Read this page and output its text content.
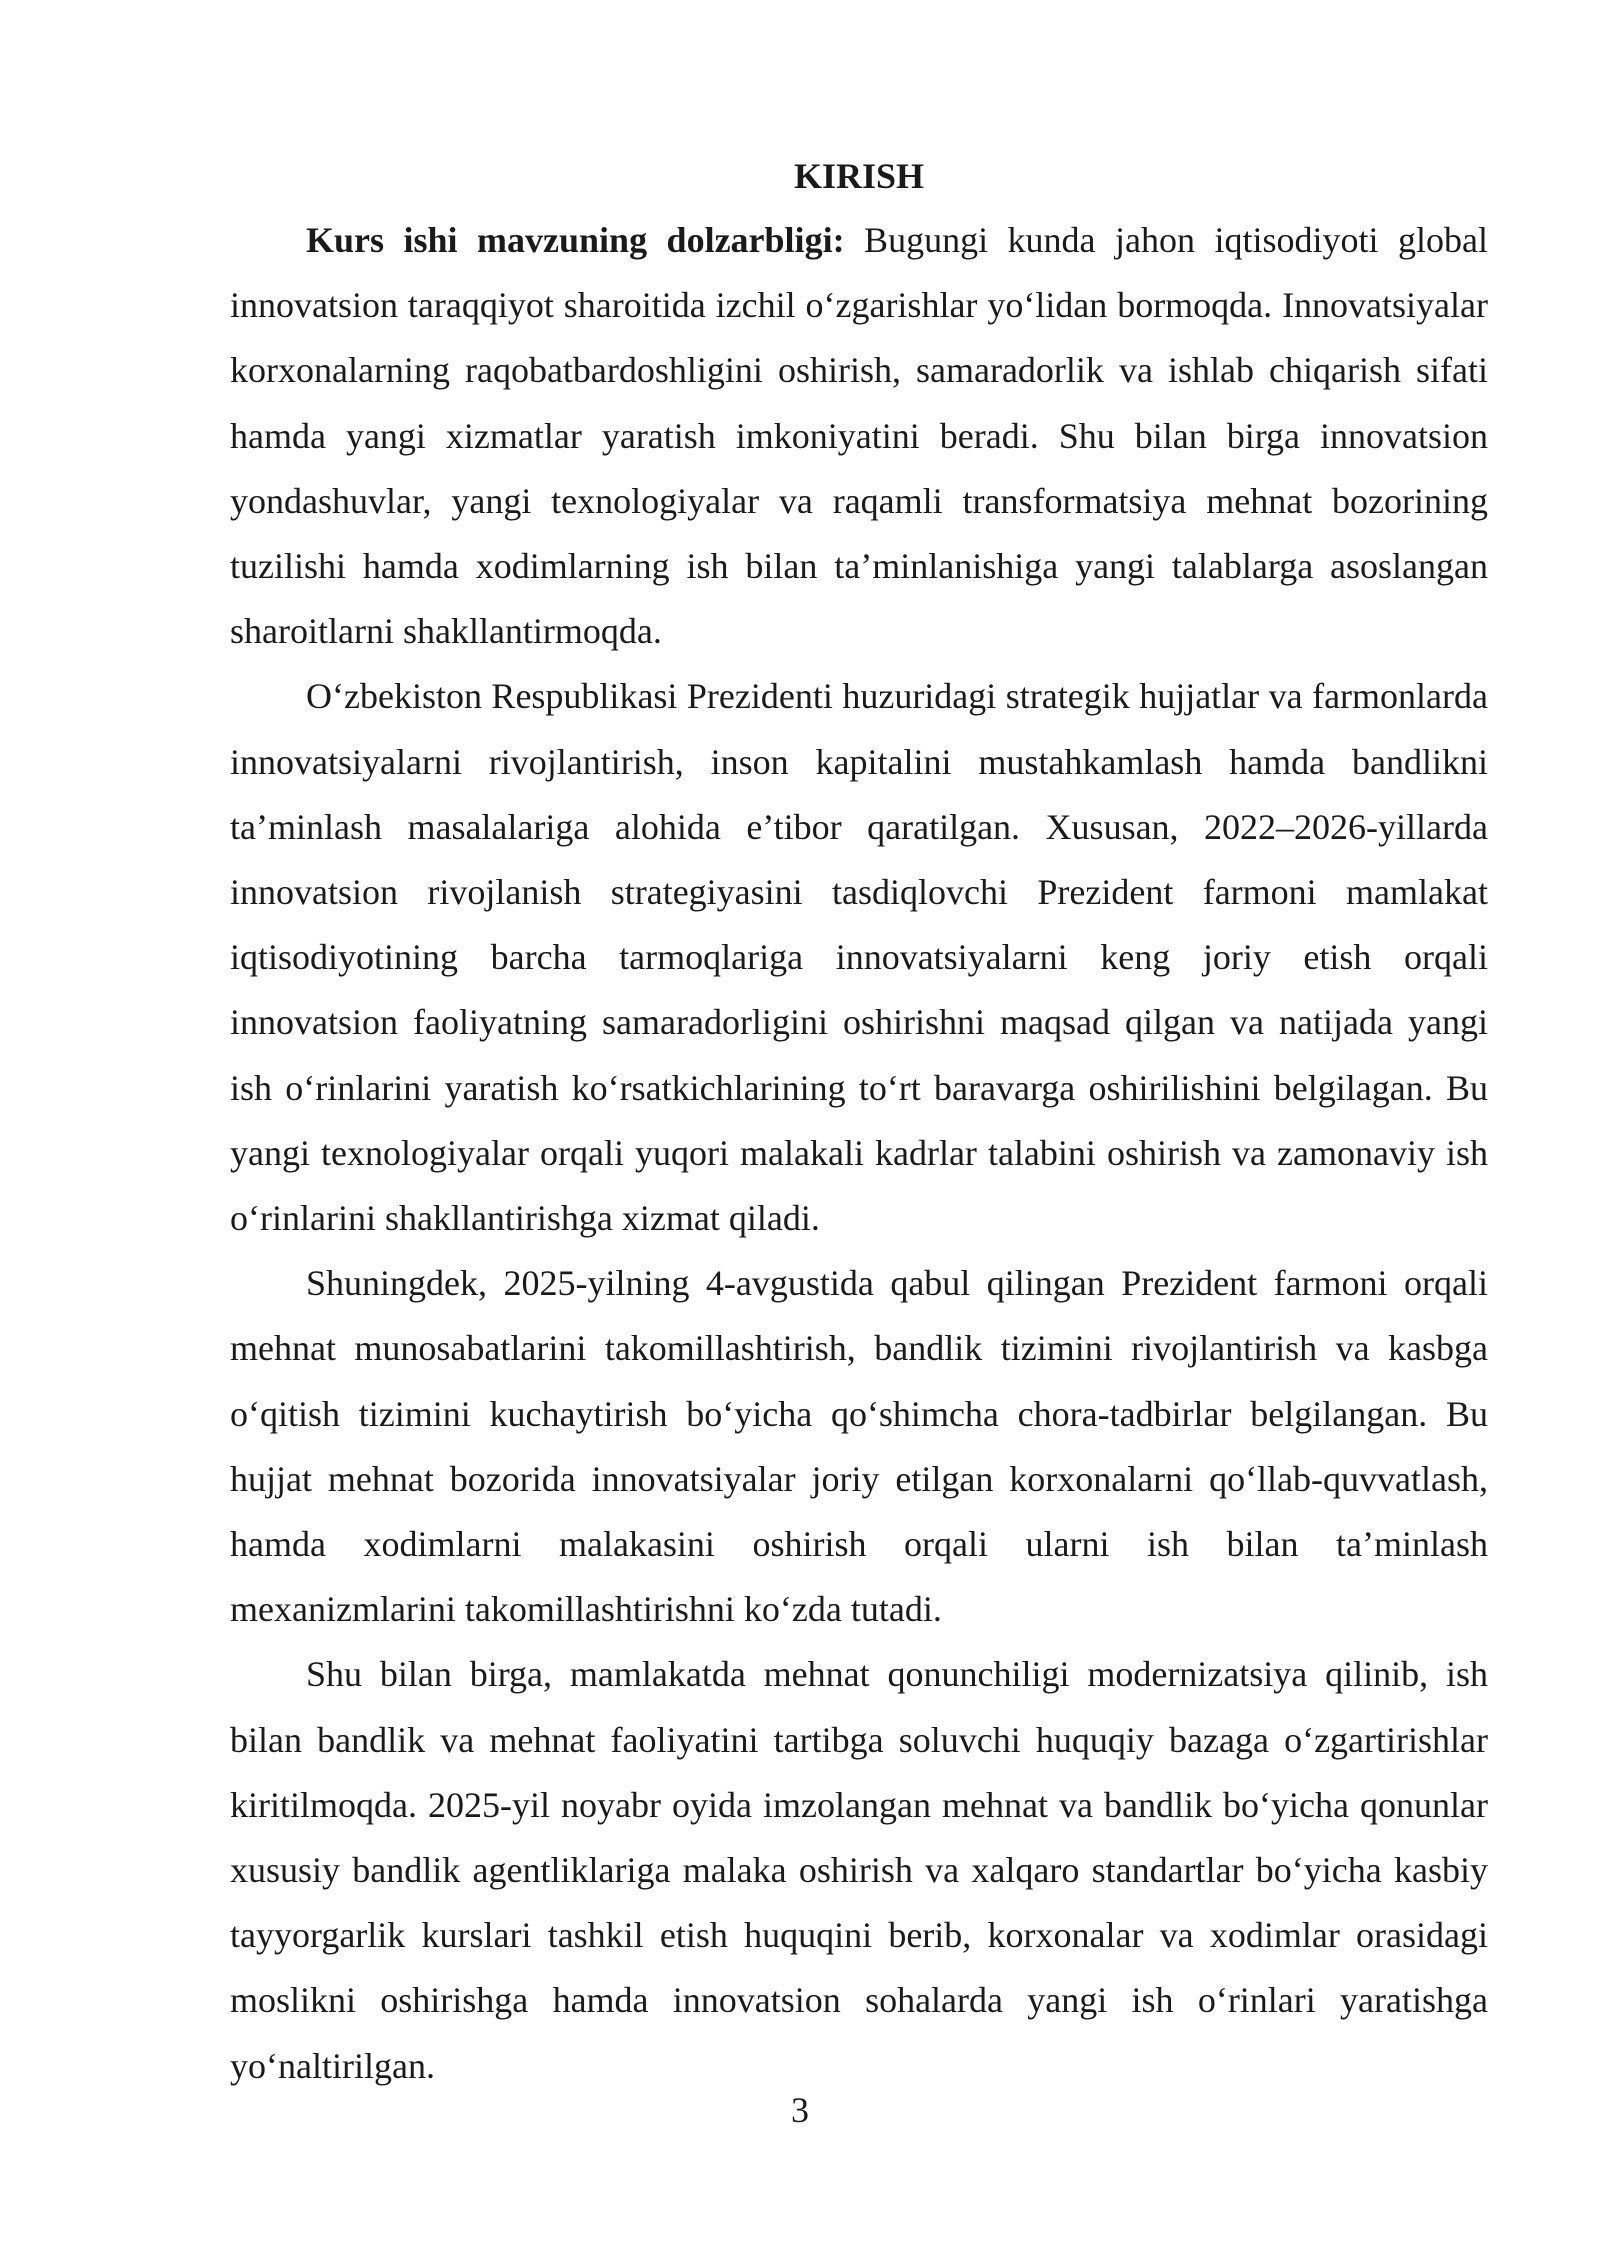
KIRISH

Kurs ishi mavzuning dolzarbligi: Bugungi kunda jahon iqtisodiyoti global innovatsion taraqqiyot sharoitida izchil o‘zgarishlar yo‘lidan bormoqda. Innovatsiyalar korxonalarning raqobatbardoshligini oshirish, samaradorlik va ishlab chiqarish sifati hamda yangi xizmatlar yaratish imkoniyatini beradi. Shu bilan birga innovatsion yondashuvlar, yangi texnologiyalar va raqamli transformatsiya mehnat bozorining tuzilishi hamda xodimlarning ish bilan ta’minlanishiga yangi talablarga asoslangan sharoitlarni shakllantirmoqda.

O‘zbekiston Respublikasi Prezidenti huzuridagi strategik hujjatlar va farmonlarda innovatsiyalarni rivojlantirish, inson kapitalini mustahkamlash hamda bandlikni ta’minlash masalalariga alohida e’tibor qaratilgan. Xususan, 2022–2026-yillarda innovatsion rivojlanish strategiyasini tasdiqlovchi Prezident farmoni mamlakat iqtisodiyotining barcha tarmoqlariga innovatsiyalarni keng joriy etish orqali innovatsion faoliyatning samaradorligini oshirishni maqsad qilgan va natijada yangi ish o‘rinlarini yaratish ko‘rsatkichlarining to‘rt baravarga oshirilishini belgilagan. Bu yangi texnologiyalar orqali yuqori malakali kadrlar talabini oshirish va zamonaviy ish o‘rinlarini shakllantirishga xizmat qiladi.

Shuningdek, 2025-yilning 4-avgustida qabul qilingan Prezident farmoni orqali mehnat munosabatlarini takomillashtirish, bandlik tizimini rivojlantirish va kasbga o‘qitish tizimini kuchaytirish bo‘yicha qo‘shimcha chora-tadbirlar belgilangan. Bu hujjat mehnat bozorida innovatsiyalar joriy etilgan korxonalarni qo‘llab-quvvatlash, hamda xodimlarni malakasini oshirish orqali ularni ish bilan ta’minlash mexanizmlarini takomillashtirishni ko‘zda tutadi.

Shu bilan birga, mamlakatda mehnat qonunchiligi modernizatsiya qilinib, ish bilan bandlik va mehnat faoliyatini tartibga soluvchi huquqiy bazaga o‘zgartirishlar kiritilmoqda. 2025-yil noyabr oyida imzolangan mehnat va bandlik bo‘yicha qonunlar xususiy bandlik agentliklariga malaka oshirish va xalqaro standartlar bo‘yicha kasbiy tayyorgarlik kurslari tashkil etish huquqini berib, korxonalar va xodimlar orasidagi moslikni oshirishga hamda innovatsion sohalarda yangi ish o‘rinlari yaratishga yo‘naltirilgan.

3
